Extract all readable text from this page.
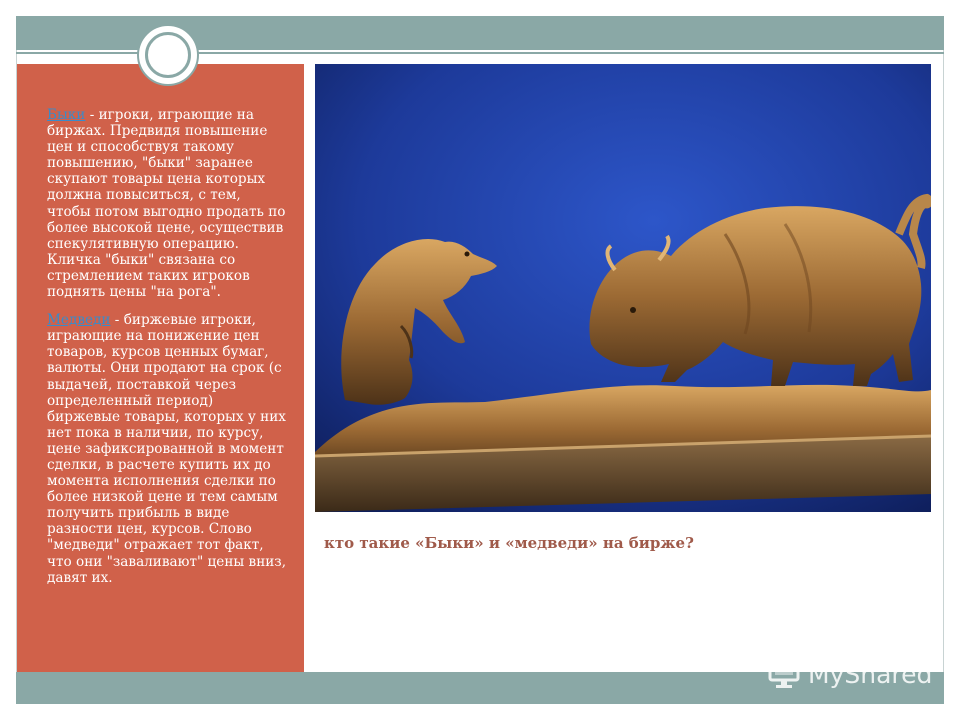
Быки - игроки, играющие на биржах. Предвидя повышение цен и способствуя такому повышению, "быки" заранее скупают товары цена которых должна повыситься, с тем, чтобы потом выгодно продать по более высокой цене, осуществив спекулятивную операцию. Кличка "быки" связана со стремлением таких игроков поднять цены "на рога".

Медведи - биржевые игроки, играющие на понижение цен товаров, курсов ценных бумаг, валюты. Они продают на срок (с выдачей, поставкой через определенный период) биржевые товары, которых у них нет пока в наличии, по курсу, цене зафиксированной в момент сделки, в расчете купить их до момента исполнения сделки по более низкой цене и тем самым получить прибыль в виде разности цен, курсов. Слово "медведи" отражает тот факт, что они "заваливают" цены вниз, давят их.

кто такие «Быки» и «медведи» на бирже?
MyShared
